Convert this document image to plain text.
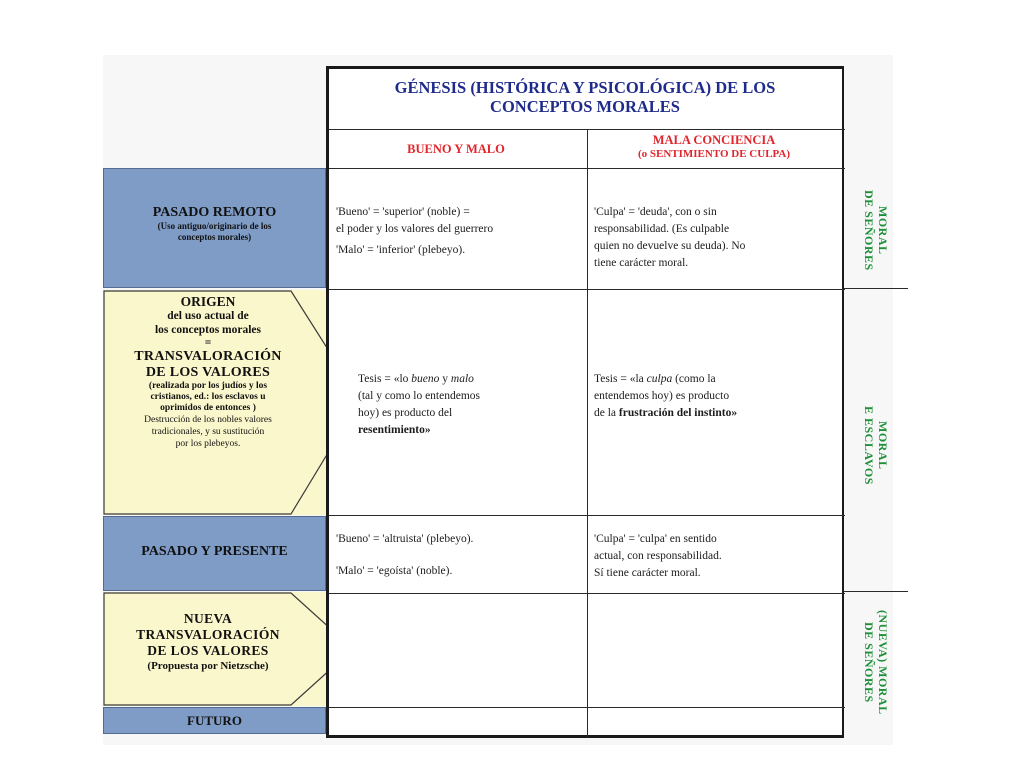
GÉNESIS (HISTÓRICA Y PSICOLÓGICA) DE LOS
CONCEPTOS MORALES
BUENO Y MALO
MALA CONCIENCIA
(o SENTIMIENTO DE CULPA)
PASADO REMOTO
(Uso antiguo/originario de los
conceptos morales)
ORIGEN
del uso actual de
los conceptos morales
=
TRANSVALORACIÓN
DE LOS VALORES
(realizada por los judíos y los
cristianos, ed.: los esclavos u
oprimidos de entonces )
Destrucción de los nobles valores
tradicionales, y su sustitución
por los plebeyos.
PASADO Y PRESENTE
NUEVA
TRANSVALORACIÓN
DE LOS VALORES
(Propuesta por Nietzsche)
FUTURO
'Bueno' = 'superior' (noble) =
el poder y los valores del guerrero
'Malo' = 'inferior' (plebeyo).
'Culpa' = 'deuda', con o sin
responsabilidad. (Es culpable
quien no devuelve su deuda). No
tiene carácter moral.
Tesis = «lo bueno y malo
(tal y como lo entendemos
hoy) es producto del
resentimiento»
Tesis = «la culpa (como la
entendemos hoy) es producto
de la frustración del instinto»
'Bueno' = 'altruista' (plebeyo).
'Malo' = 'egoísta' (noble).
'Culpa' = 'culpa' en sentido
actual, con responsabilidad.
Sí tiene carácter moral.
MORAL
DE SEÑORES
MORAL
E ESCLAVOS
(NUEVA) MORAL
DE SEÑORES
